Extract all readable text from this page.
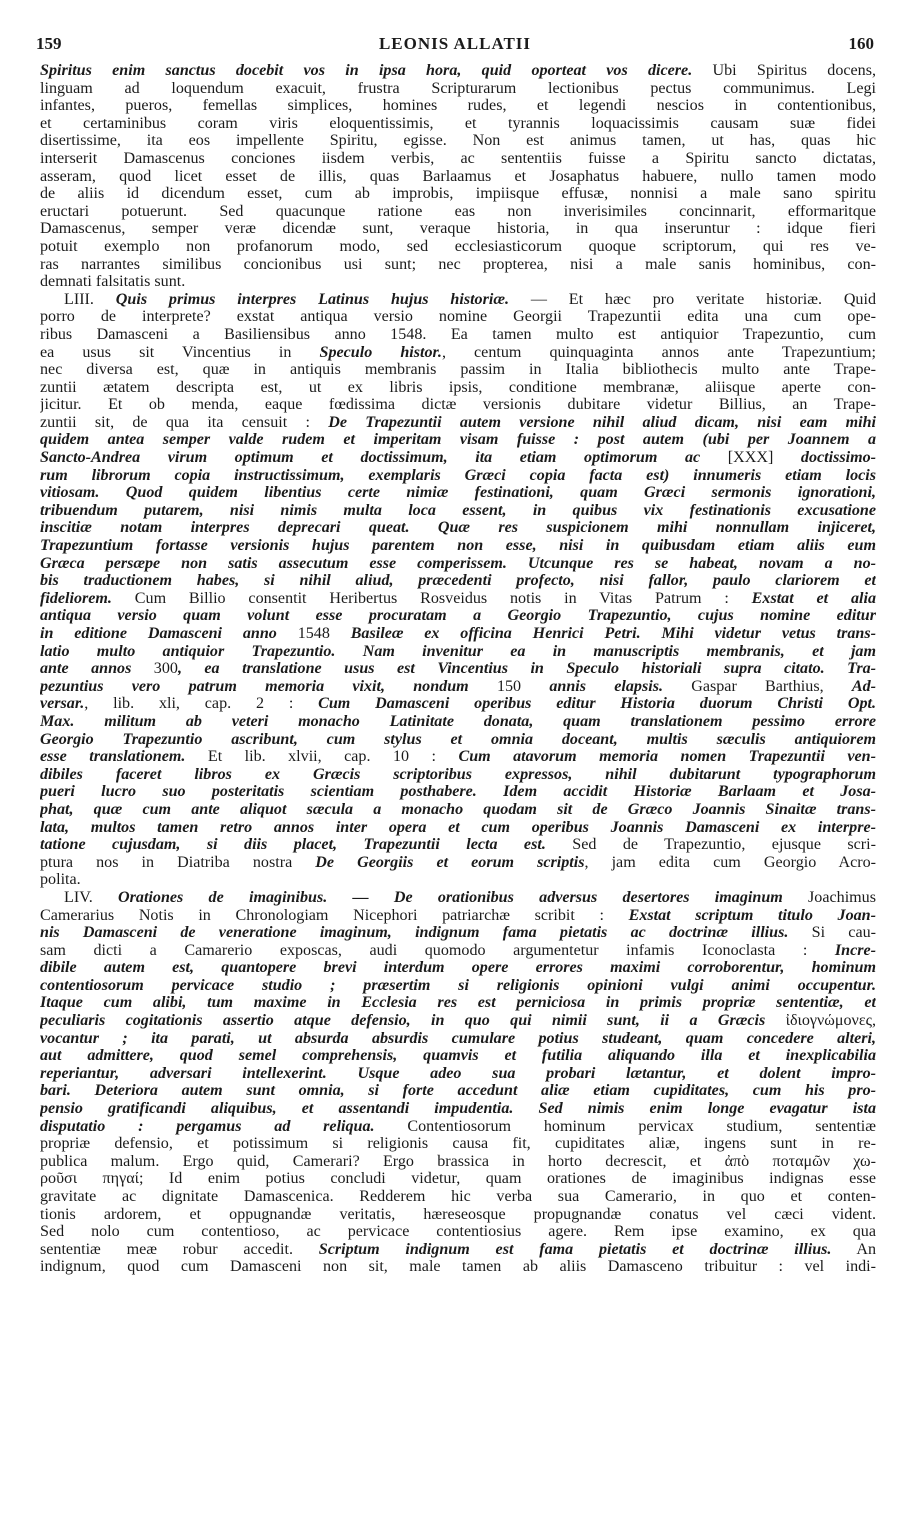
159	LEONIS ALLATII	160
Spiritus enim sanctus docebit vos in ipsa hora, quid oporteat vos dicere. Ubi Spiritus docens,
linguam ad loquendum exacuit, frustra Scripturarum lectionibus pectus communimus. Legi
infantes, pueros, femellas simplices, homines rudes, et legendi nescios in contentionibus,
et certaminibus coram viris eloquentissimis, et tyrannis loquacissimis causam suæ fidei
disertissime, ita eos impellente Spiritu, egisse. Non est animus tamen, ut has, quas hic
interserit Damascenus conciones iisdem verbis, ac sententiis fuisse a Spiritu sancto dictatas,
asseram, quod licet esset de illis, quas Barlaamus et Josaphatus habuere, nullo tamen modo
de aliis id dicendum esset, cum ab improbis, impiisque effusæ, nonnisi a male sano spiritu
eructari potuerunt. Sed quacunque ratione eas non inverisimiles concinnarit, efformaritque
Damascenus, semper veræ dicendæ sunt, veraque historia, in qua inseruntur : idque fieri
potuit exemplo non profanorum modo, sed ecclesiasticorum quoque scriptorum, qui res ve-
ras narrantes similibus concionibus usi sunt; nec propterea, nisi a male sanis hominibus, con-
demnati falsitatis sunt.
LIII. Quis primus interpres Latinus hujus historiæ. — Et hæc pro veritate historiæ. Quid
porro de interprete? exstat antiqua versio nomine Georgii Trapezuntii edita una cum ope-
ribus Damasceni a Basiliensibus anno 1548. Ea tamen multo est antiquior Trapezuntio, cum
ea usus sit Vincentius in Speculo histor., centum quinquaginta annos ante Trapezuntium;
nec diversa est, quæ in antiquis membranis passim in Italia bibliothecis multo ante Trape-
zuntii ætatem descripta est, ut ex libris ipsis, conditione membranæ, aliisque aperte con-
jicitur. Et ob menda, eaque fœdissima dictæ versionis dubitare videtur Billius, an Trape-
zuntii sit, de qua ita censuit : De Trapezuntii autem versione nihil aliud dicam, nisi eam mihi
quidem antea semper valde rudem et imperitam visam fuisse : post autem (ubi per Joannem a
Sancto-Andrea virum optimum et doctissimum, ita etiam optimorum ac [XXX] doctissimo-
rum librorum copia instructissimum, exemplaris Græci copia facta est) innumeris etiam locis
vitiosam. Quod quidem libentius certe nimiæ festinationi, quam Græci sermonis ignorationi,
tribuendum putarem, nisi nimis multa loca essent, in quibus vix festinationis excusatione
inscitiæ notam interpres deprecari queat. Quæ res suspicionem mihi nonnullam injiceret,
Trapezuntium fortasse versionis hujus parentem non esse, nisi in quibusdam etiam aliis eum
Græca persæpe non satis assecutum esse comperissem. Utcunque res se habeat, novam a no-
bis traductionem habes, si nihil aliud, præcedenti profecto, nisi fallor, paulo clariorem et
fideliorem. Cum Billio consentit Heribertus Rosveidus notis in Vitas Patrum : Exstat et alia
antiqua versio quam volunt esse procuratam a Georgio Trapezuntio, cujus nomine editur
in editione Damasceni anno 1548 Basileæ ex officina Henrici Petri. Mihi videtur vetus trans-
latio multo antiquior Trapezuntio. Nam invenitur ea in manuscriptis membranis, et jam
ante annos 300, ea translatione usus est Vincentius in Speculo historiali supra citato. Tra-
pezuntius vero patrum memoria vixit, nondum 150 annis elapsis. Gaspar Barthius, Ad-
versar., lib. xli, cap. 2 : Cum Damasceni operibus editur Historia duorum Christi Opt.
Max. militum ab veteri monacho Latinitate donata, quam translationem pessimo errore
Georgio Trapezuntio ascribunt, cum stylus et omnia doceant, multis sæculis antiquiorem
esse translationem. Et lib. xlvii, cap. 10 : Cum atavorum memoria nomen Trapezuntii ven-
dibiles faceret libros ex Græcis scriptoribus expressos, nihil dubitarunt typographorum
pueri lucro suo posteritatis scientiam posthabere. Idem accidit Historiæ Barlaam et Josa-
phat, quæ cum ante aliquot sæcula a monacho quodam sit de Græco Joannis Sinaitæ trans-
lata, multos tamen retro annos inter opera et cum operibus Joannis Damasceni ex interpre-
tatione cujusdam, si diis placet, Trapezuntii lecta est. Sed de Trapezuntio, ejusque scri-
ptura nos in Diatriba nostra De Georgiis et eorum scriptis, jam edita cum Georgio Acro-
polita.
LIV. Orationes de imaginibus. — De orationibus adversus desertores imaginum Joachimus
Camerarius Notis in Chronologiam Nicephori patriarchæ scribit : Exstat scriptum titulo Joan-
nis Damasceni de veneratione imaginum, indignum fama pietatis ac doctrinæ illius. Si cau-
sam dicti a Camarerio exposcas, audi quomodo argumentetur infamis Iconoclasta : Incre-
dibile autem est, quantopere brevi interdum opere errores maximi corroborentur, hominum
contentiosorum pervicace studio ; præsertim si religionis opinioni vulgi animi occupentur.
Itaque cum alibi, tum maxime in Ecclesia res est perniciosa in primis propriæ sententiæ, et
peculiaris cogitationis assertio atque defensio, in quo qui nimii sunt, ii a Græcis ἰδιογνώμονες,
vocantur ; ita parati, ut absurda absurdis cumulare potius studeant, quam concedere alteri,
aut admittere, quod semel comprehensis, quamvis et futilia aliquando illa et inexplicabilia
reperiantur, adversari intellexerint. Usque adeo sua probari lætantur, et dolent impro-
bari. Deteriora autem sunt omnia, si forte accedunt aliæ etiam cupiditates, cum his pro-
pensio gratificandi aliquibus, et assentandi impudentia. Sed nimis enim longe evagatur ista
disputatio : pergamus ad reliqua. Contentiosorum hominum pervicax studium, sententiæ
propriæ defensio, et potissimum si religionis causa fit, cupiditates aliæ, ingens sunt in re-
publica malum. Ergo quid, Camerari? Ergo brassica in horto decrescit, et ἀπὸ ποταμῶν χω-
ροῦσι πηγαί; Id enim potius concludi videtur, quam orationes de imaginibus indignas esse
gravitate ac dignitate Damascenica. Redderem hic verba sua Camerario, in quo et conten-
tionis ardorem, et oppugnandæ veritatis, hæreseosque propugnandæ conatus vel cæci vident.
Sed nolo cum contentioso, ac pervicace contentiosius agere. Rem ipse examino, ex qua
sententiæ meæ robur accedit. Scriptum indignum est fama pietatis et doctrinæ illius. An
indignum, quod cum Damasceni non sit, male tamen ab aliis Damasceno tribuitur : vel indi-
